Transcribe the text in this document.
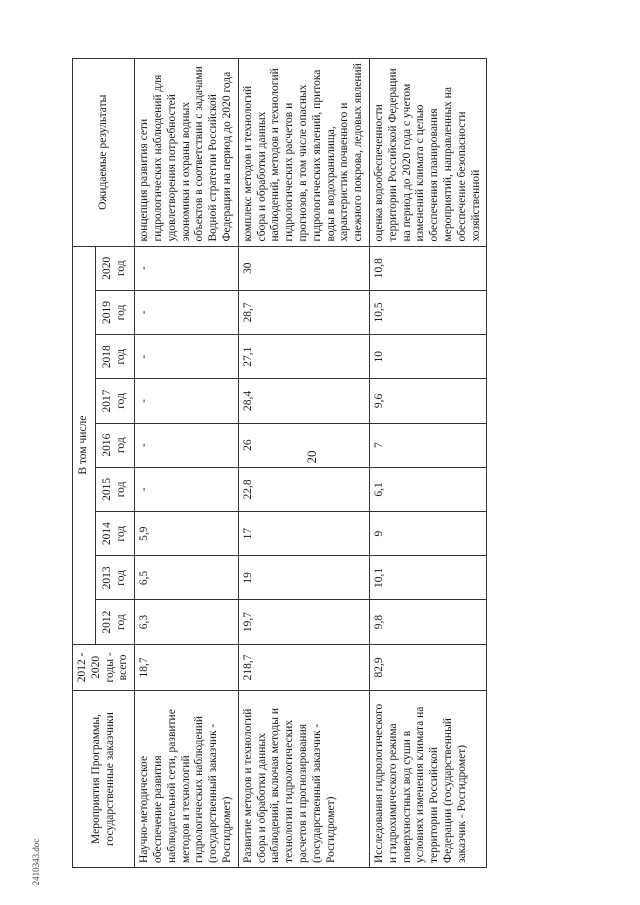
20
2410343.doc
Мероприятия Программы, государственные заказчики	2012 - 2020 годы - всего	В том числе									Ожидаемые результаты
		2012 год	2013 год	2014 год	2015 год	2016 год	2017 год	2018 год	2019 год	2020 год	
Научно-методическое обеспечение развития наблюдательной сети, развитие методов и технологий гидрологических наблюдений (государственный заказчик - Росгидромет)	18,7	6,3	6,5	5,9	-	-	-	-	-	-	концепция развития сети гидрологических наблюдений для удовлетворения потребностей экономики и охраны водных объектов в соответствии с задачами Водной стратегии Российской Федерации на период до 2020 года
Развитие методов и технологий сбора и обработки данных наблюдений, включая методы и технологии гидрологических расчетов и прогнозирования (государственный заказчик - Росгидромет)	218,7	19,7	19	17	22,8	26	28,4	27,1	28,7	30	комплекс методов и технологий сбора и обработки данных наблюдений, методов и технологий гидрологических расчетов и прогнозов, в том числе опасных гидрологических явлений, притока воды в водохранилища, характеристик почвенного и снежного покрова, ледовых явлений
Исследования гидрологического и гидрохимического режима поверхностных вод суши в условиях изменения климата на территории Российской Федерации (государственный заказчик - Росгидромет)	82,9	9,8	10,1	9	6,1	7	9,6	10	10,5	10,8	оценка водообеспеченности территории Российской Федерации на период до 2020 года с учетом изменений климата с целью обеспечения планирования мероприятий, направленных на обеспечение безопасности хозяйственной
